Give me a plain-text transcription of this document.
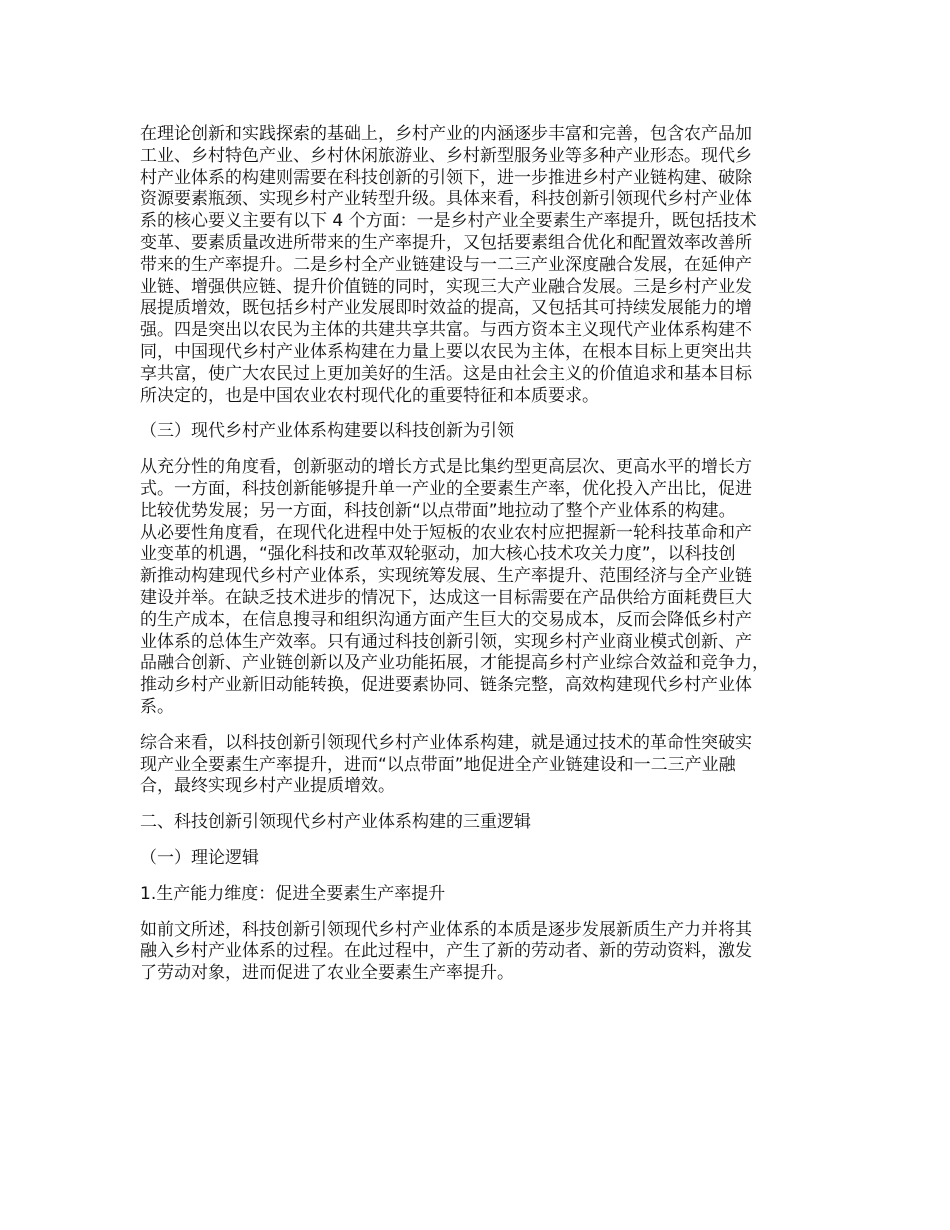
在理论创新和实践探索的基础上，乡村产业的内涵逐步丰富和完善，包含农产品加
工业、乡村特色产业、乡村休闲旅游业、乡村新型服务业等多种产业形态。现代乡
村产业体系的构建则需要在科技创新的引领下，进一步推进乡村产业链构建、破除
资源要素瓶颈、实现乡村产业转型升级。具体来看，科技创新引领现代乡村产业体
系的核心要义主要有以下 4 个方面：一是乡村产业全要素生产率提升，既包括技术
变革、要素质量改进所带来的生产率提升，又包括要素组合优化和配置效率改善所
带来的生产率提升。二是乡村全产业链建设与一二三产业深度融合发展，在延伸产
业链、增强供应链、提升价值链的同时，实现三大产业融合发展。三是乡村产业发
展提质增效，既包括乡村产业发展即时效益的提高，又包括其可持续发展能力的增
强。四是突出以农民为主体的共建共享共富。与西方资本主义现代产业体系构建不
同，中国现代乡村产业体系构建在力量上要以农民为主体，在根本目标上更突出共
享共富，使广大农民过上更加美好的生活。这是由社会主义的价值追求和基本目标
所决定的，也是中国农业农村现代化的重要特征和本质要求。
（三）现代乡村产业体系构建要以科技创新为引领
从充分性的角度看，创新驱动的增长方式是比集约型更高层次、更高水平的增长方
式。一方面，科技创新能够提升单一产业的全要素生产率，优化投入产出比，促进
比较优势发展；另一方面，科技创新“以点带面”地拉动了整个产业体系的构建。
从必要性角度看，在现代化进程中处于短板的农业农村应把握新一轮科技革命和产
业变革的机遇，“强化科技和改革双轮驱动，加大核心技术攻关力度”，以科技创
新推动构建现代乡村产业体系，实现统筹发展、生产率提升、范围经济与全产业链
建设并举。在缺乏技术进步的情况下，达成这一目标需要在产品供给方面耗费巨大
的生产成本，在信息搜寻和组织沟通方面产生巨大的交易成本，反而会降低乡村产
业体系的总体生产效率。只有通过科技创新引领，实现乡村产业商业模式创新、产
品融合创新、产业链创新以及产业功能拓展，才能提高乡村产业综合效益和竞争力，
推动乡村产业新旧动能转换，促进要素协同、链条完整，高效构建现代乡村产业体
系。
综合来看，以科技创新引领现代乡村产业体系构建，就是通过技术的革命性突破实
现产业全要素生产率提升，进而“以点带面”地促进全产业链建设和一二三产业融
合，最终实现乡村产业提质增效。
二、科技创新引领现代乡村产业体系构建的三重逻辑
（一）理论逻辑
1.生产能力维度：促进全要素生产率提升
如前文所述，科技创新引领现代乡村产业体系的本质是逐步发展新质生产力并将其
融入乡村产业体系的过程。在此过程中，产生了新的劳动者、新的劳动资料，激发
了劳动对象，进而促进了农业全要素生产率提升。
